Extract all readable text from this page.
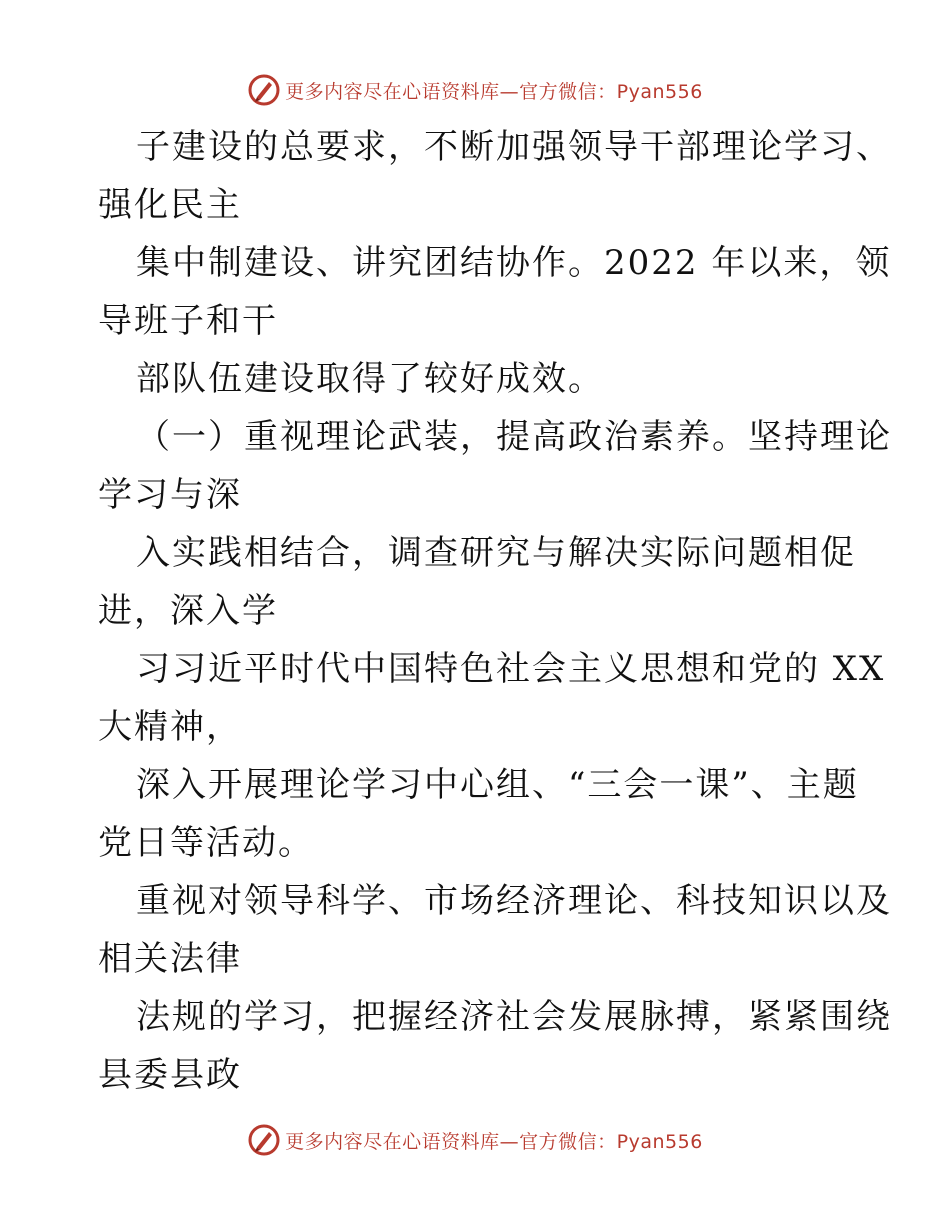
更多内容尽在心语资料库—官方微信：Pyan556
子建设的总要求，不断加强领导干部理论学习、
强化民主
集中制建设、讲究团结协作。2022 年以来，领
导班子和干
部队伍建设取得了较好成效。
（一）重视理论武装，提高政治素养。坚持理论
学习与深
入实践相结合，调查研究与解决实际问题相促
进，深入学
习习近平时代中国特色社会主义思想和党的 XX
大精神，
深入开展理论学习中心组、“三会一课”、主题
党日等活动。
重视对领导科学、市场经济理论、科技知识以及
相关法律
法规的学习，把握经济社会发展脉搏，紧紧围绕
县委县政
更多内容尽在心语资料库—官方微信：Pyan556
